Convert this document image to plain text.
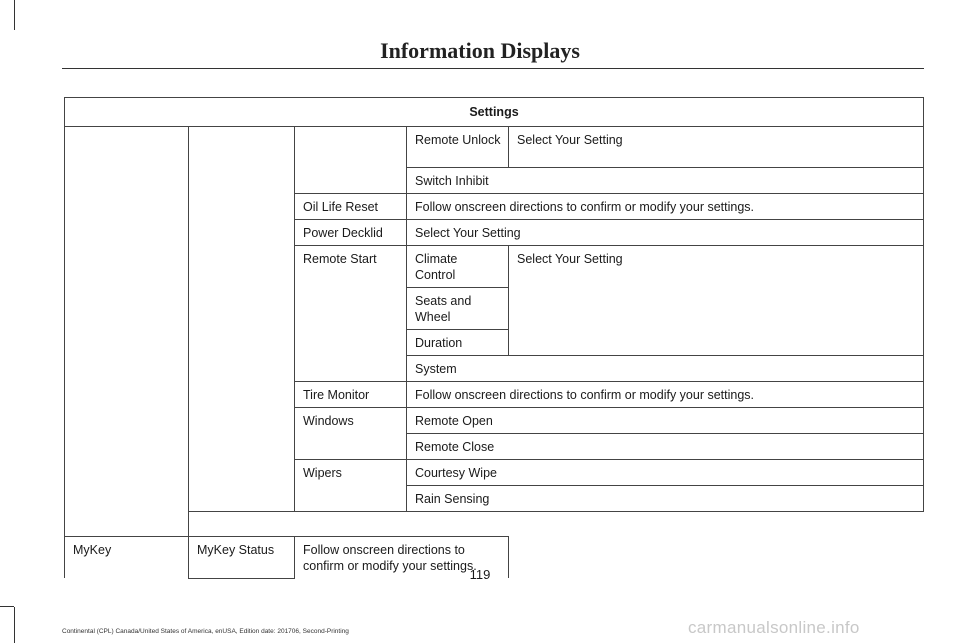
Information Displays
Settings				
			Remote Unlock	Select Your Setting
			Switch Inhibit	
		Oil Life Reset	Follow onscreen directions to confirm or modify your settings.	
		Power Decklid	Select Your Setting	
		Remote Start	Climate Control	Select Your Setting
			Seats and Wheel	
			Duration	
			System	
		Tire Monitor	Follow onscreen directions to confirm or modify your settings.	
		Windows	Remote Open	
			Remote Close	
		Wipers	Courtesy Wipe	
			Rain Sensing	

MyKey	MyKey Status	Follow onscreen directions to confirm or modify your settings.		
119
Continental (CPL) Canada/United States of America, enUSA, Edition date: 201706, Second-Printing	carmanualsonline.info
